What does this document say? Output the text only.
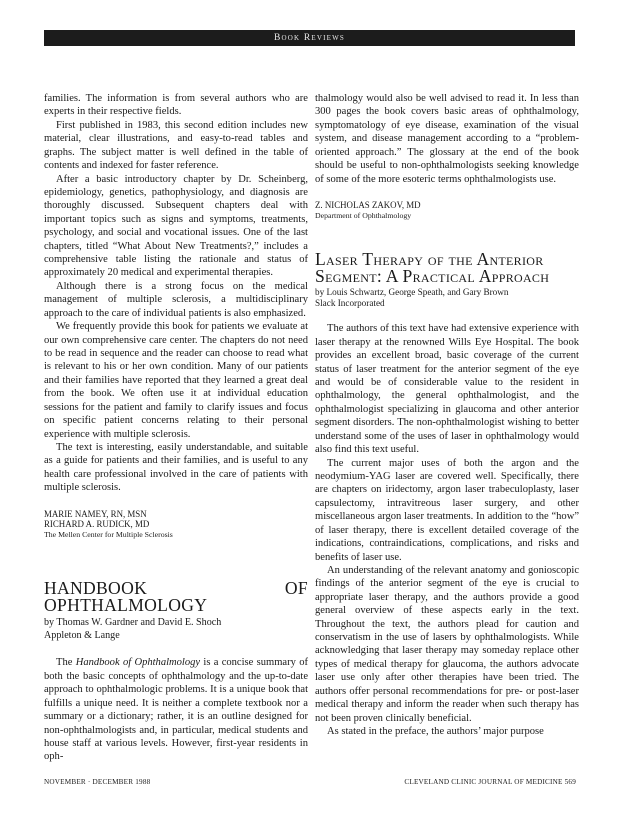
Book Reviews

families. The information is from several authors who are experts in their respective fields.

First published in 1983, this second edition includes new material, clear illustrations, and easy-to-read tables and graphs. The subject matter is well defined in the table of contents and indexed for faster reference.

After a basic introductory chapter by Dr. Scheinberg, epidemiology, genetics, pathophysiology, and diagnosis are thoroughly discussed. Subsequent chapters deal with important topics such as signs and symptoms, treatments, psychology, and social and vocational issues. One of the last chapters, titled “What About New Treatments?,” includes a comprehensive table listing the rationale and status of approximately 20 medical and experimental therapies.

Although there is a strong focus on the medical management of multiple sclerosis, a multidisciplinary approach to the care of individual patients is also emphasized.

We frequently provide this book for patients we evaluate at our own comprehensive care center. The chapters do not need to be read in sequence and the reader can choose to read what is relevant to his or her own condition. Many of our patients and their families have reported that they learned a great deal from the book. We often use it at individual education sessions for the patient and family to clarify issues and focus on specific patient concerns relating to their personal experience with multiple sclerosis.

The text is interesting, easily understandable, and suitable as a guide for patients and their families, and is useful to any health care professional involved in the care of patients with multiple sclerosis.

MARIE NAMEY, RN, MSN

RICHARD A. RUDICK, MD

The Mellen Center for Multiple Sclerosis

HANDBOOK OF OPHTHALMOLOGY

by Thomas W. Gardner and David E. Shoch

Appleton & Lange

The Handbook of Ophthalmology is a concise summary of both the basic concepts of ophthalmology and the up-to-date approach to ophthalmologic problems. It is a unique book that fulfills a unique need. It is neither a complete textbook nor a summary or a dictionary; rather, it is an outline designed for non-ophthalmologists and, in particular, medical students and house staff at various levels. However, first-year residents in oph-

thalmology would also be well advised to read it. In less than 300 pages the book covers basic areas of ophthalmology, symptomatology of eye disease, examination of the visual system, and disease management according to a “problem-oriented approach.” The glossary at the end of the book should be useful to non-ophthalmologists seeking knowledge of some of the more esoteric terms ophthalmologists use.

Z. NICHOLAS ZAKOV, MD

Department of Ophthalmology

Laser Therapy of the Anterior
Segment: A Practical Approach

by Louis Schwartz, George Speath, and Gary Brown

Slack Incorporated

The authors of this text have had extensive experience with laser therapy at the renowned Wills Eye Hospital. The book provides an excellent broad, basic coverage of the current status of laser treatment for the anterior segment of the eye and would be of considerable value to the resident in ophthalmology, the general ophthalmologist, and the ophthalmologist specializing in glaucoma and other anterior segment disorders. The non-ophthalmologist wishing to better understand some of the uses of laser in ophthalmology would also find this text useful.

The current major uses of both the argon and the neodymium-YAG laser are covered well. Specifically, there are chapters on iridectomy, argon laser trabeculoplasty, laser capsulectomy, intravitreous laser surgery, and other miscellaneous argon laser treatments. In addition to the “how” of laser therapy, there is excellent detailed coverage of the indications, contraindications, complications, and risks and benefits of laser use.

An understanding of the relevant anatomy and gonioscopic findings of the anterior segment of the eye is crucial to appropriate laser therapy, and the authors provide a good general overview of these aspects early in the text. Throughout the text, the authors plead for caution and conservatism in the use of lasers by ophthalmologists. While acknowledging that laser therapy may someday replace other types of medical therapy for glaucoma, the authors advocate laser use only after other therapies have been tried. The authors offer personal recommendations for pre- or post-laser medical therapy and inform the reader when such therapy has not been proven clinically beneficial.

As stated in the preface, the authors’ major purpose

NOVEMBER · DECEMBER 1988	CLEVELAND CLINIC JOURNAL OF MEDICINE 569
